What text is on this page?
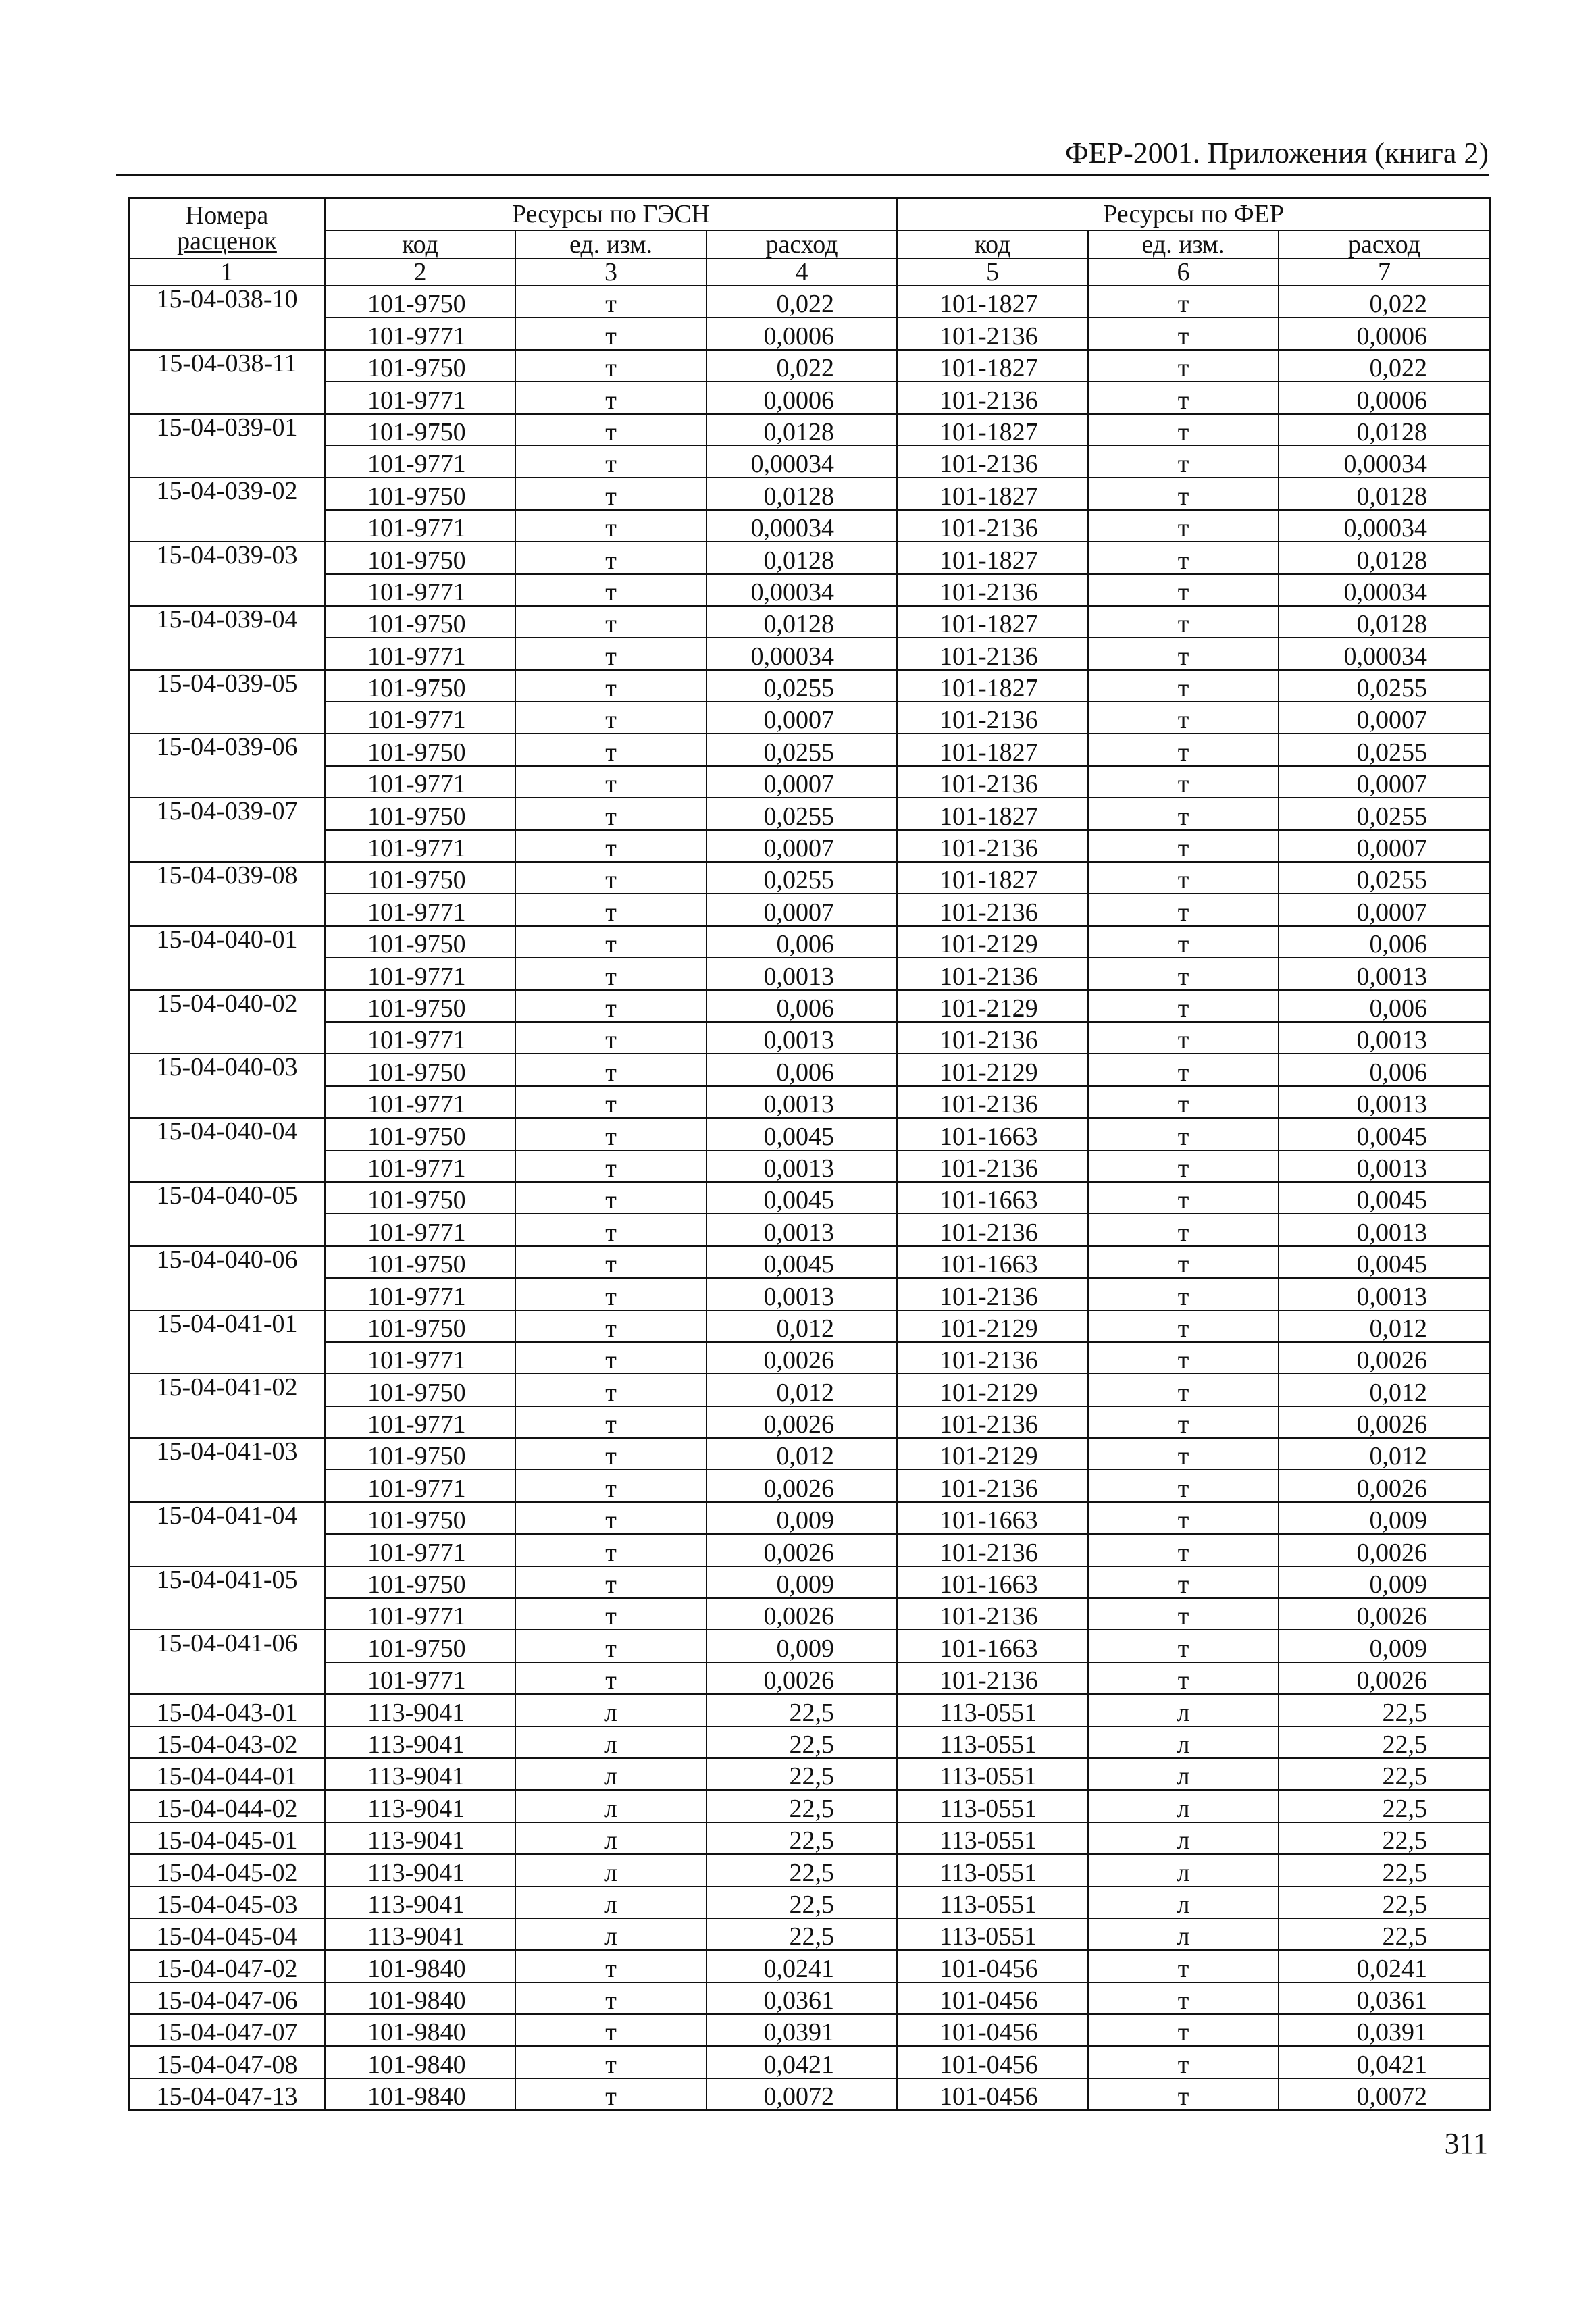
ФЕР-2001. Приложения (книга 2)
Номера
расценок	Ресурсы по ГЭСН			Ресурсы по ФЕР		
	код	ед. изм.	расход	код	ед. изм.	расход
1	2	3	4	5	6	7
15-04-038-10	101-9750	т	0,022	101-1827	т	0,022
	101-9771	т	0,0006	101-2136	т	0,0006
15-04-038-11	101-9750	т	0,022	101-1827	т	0,022
	101-9771	т	0,0006	101-2136	т	0,0006
15-04-039-01	101-9750	т	0,0128	101-1827	т	0,0128
	101-9771	т	0,00034	101-2136	т	0,00034
15-04-039-02	101-9750	т	0,0128	101-1827	т	0,0128
	101-9771	т	0,00034	101-2136	т	0,00034
15-04-039-03	101-9750	т	0,0128	101-1827	т	0,0128
	101-9771	т	0,00034	101-2136	т	0,00034
15-04-039-04	101-9750	т	0,0128	101-1827	т	0,0128
	101-9771	т	0,00034	101-2136	т	0,00034
15-04-039-05	101-9750	т	0,0255	101-1827	т	0,0255
	101-9771	т	0,0007	101-2136	т	0,0007
15-04-039-06	101-9750	т	0,0255	101-1827	т	0,0255
	101-9771	т	0,0007	101-2136	т	0,0007
15-04-039-07	101-9750	т	0,0255	101-1827	т	0,0255
	101-9771	т	0,0007	101-2136	т	0,0007
15-04-039-08	101-9750	т	0,0255	101-1827	т	0,0255
	101-9771	т	0,0007	101-2136	т	0,0007
15-04-040-01	101-9750	т	0,006	101-2129	т	0,006
	101-9771	т	0,0013	101-2136	т	0,0013
15-04-040-02	101-9750	т	0,006	101-2129	т	0,006
	101-9771	т	0,0013	101-2136	т	0,0013
15-04-040-03	101-9750	т	0,006	101-2129	т	0,006
	101-9771	т	0,0013	101-2136	т	0,0013
15-04-040-04	101-9750	т	0,0045	101-1663	т	0,0045
	101-9771	т	0,0013	101-2136	т	0,0013
15-04-040-05	101-9750	т	0,0045	101-1663	т	0,0045
	101-9771	т	0,0013	101-2136	т	0,0013
15-04-040-06	101-9750	т	0,0045	101-1663	т	0,0045
	101-9771	т	0,0013	101-2136	т	0,0013
15-04-041-01	101-9750	т	0,012	101-2129	т	0,012
	101-9771	т	0,0026	101-2136	т	0,0026
15-04-041-02	101-9750	т	0,012	101-2129	т	0,012
	101-9771	т	0,0026	101-2136	т	0,0026
15-04-041-03	101-9750	т	0,012	101-2129	т	0,012
	101-9771	т	0,0026	101-2136	т	0,0026
15-04-041-04	101-9750	т	0,009	101-1663	т	0,009
	101-9771	т	0,0026	101-2136	т	0,0026
15-04-041-05	101-9750	т	0,009	101-1663	т	0,009
	101-9771	т	0,0026	101-2136	т	0,0026
15-04-041-06	101-9750	т	0,009	101-1663	т	0,009
	101-9771	т	0,0026	101-2136	т	0,0026
15-04-043-01	113-9041	л	22,5	113-0551	л	22,5
15-04-043-02	113-9041	л	22,5	113-0551	л	22,5
15-04-044-01	113-9041	л	22,5	113-0551	л	22,5
15-04-044-02	113-9041	л	22,5	113-0551	л	22,5
15-04-045-01	113-9041	л	22,5	113-0551	л	22,5
15-04-045-02	113-9041	л	22,5	113-0551	л	22,5
15-04-045-03	113-9041	л	22,5	113-0551	л	22,5
15-04-045-04	113-9041	л	22,5	113-0551	л	22,5
15-04-047-02	101-9840	т	0,0241	101-0456	т	0,0241
15-04-047-06	101-9840	т	0,0361	101-0456	т	0,0361
15-04-047-07	101-9840	т	0,0391	101-0456	т	0,0391
15-04-047-08	101-9840	т	0,0421	101-0456	т	0,0421
15-04-047-13	101-9840	т	0,0072	101-0456	т	0,0072
311
